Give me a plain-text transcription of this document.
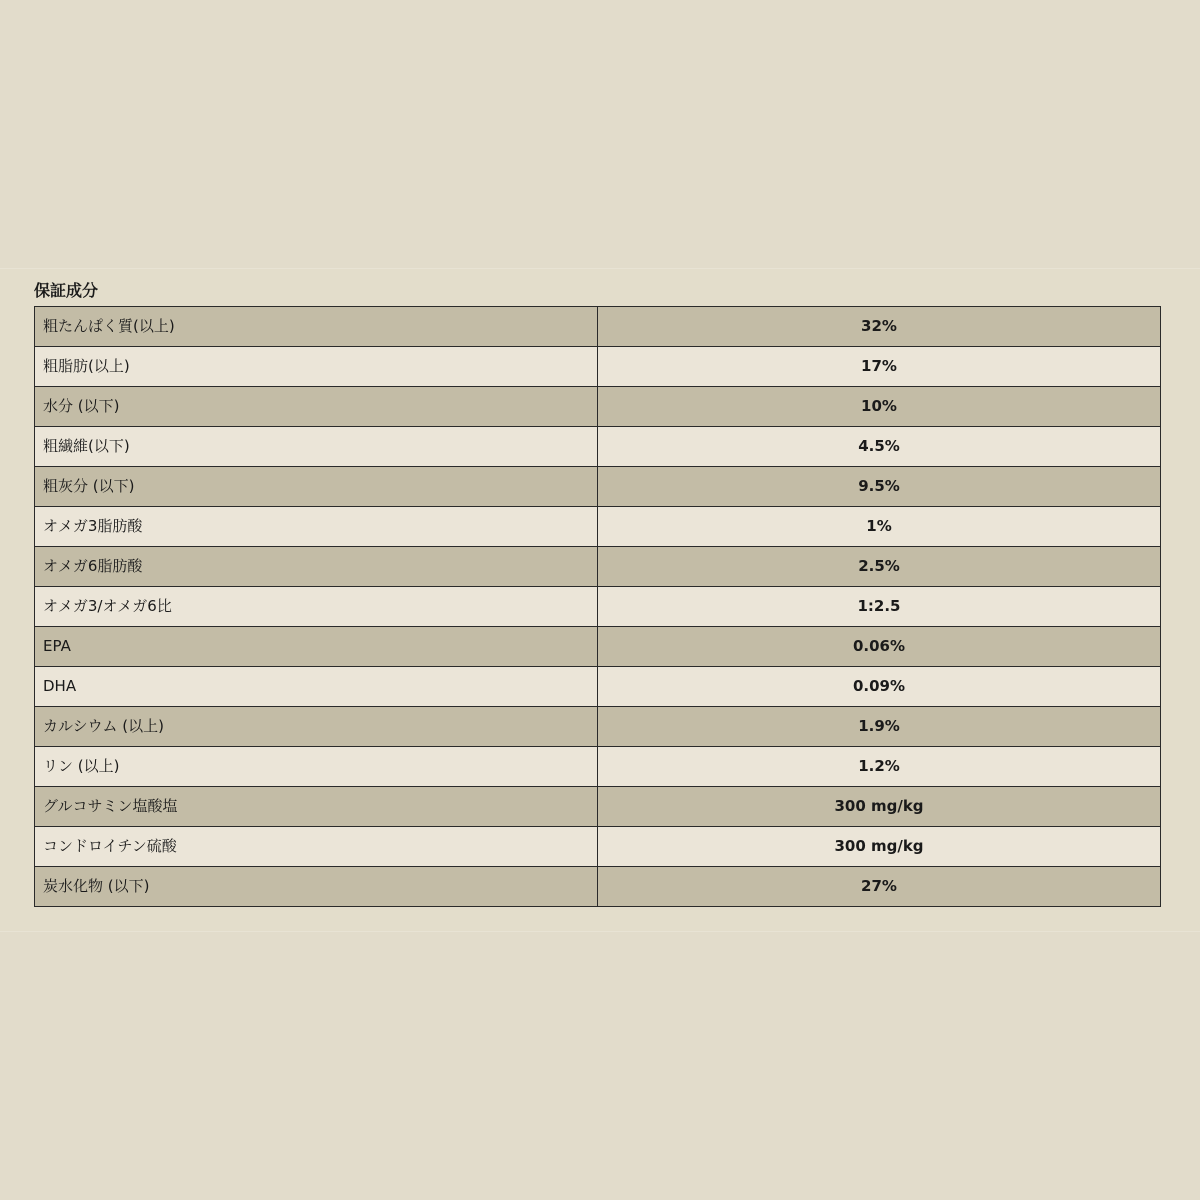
保証成分
粗たんぱく質(以上)	32%
粗脂肪(以上)	17%
水分 (以下)	10%
粗繊維(以下)	4.5%
粗灰分 (以下)	9.5%
オメガ3脂肪酸	1%
オメガ6脂肪酸	2.5%
オメガ3/オメガ6比	1:2.5
EPA	0.06%
DHA	0.09%
カルシウム (以上)	1.9%
リン (以上)	1.2%
グルコサミン塩酸塩	300 mg/kg
コンドロイチン硫酸	300 mg/kg
炭水化物 (以下)	27%
